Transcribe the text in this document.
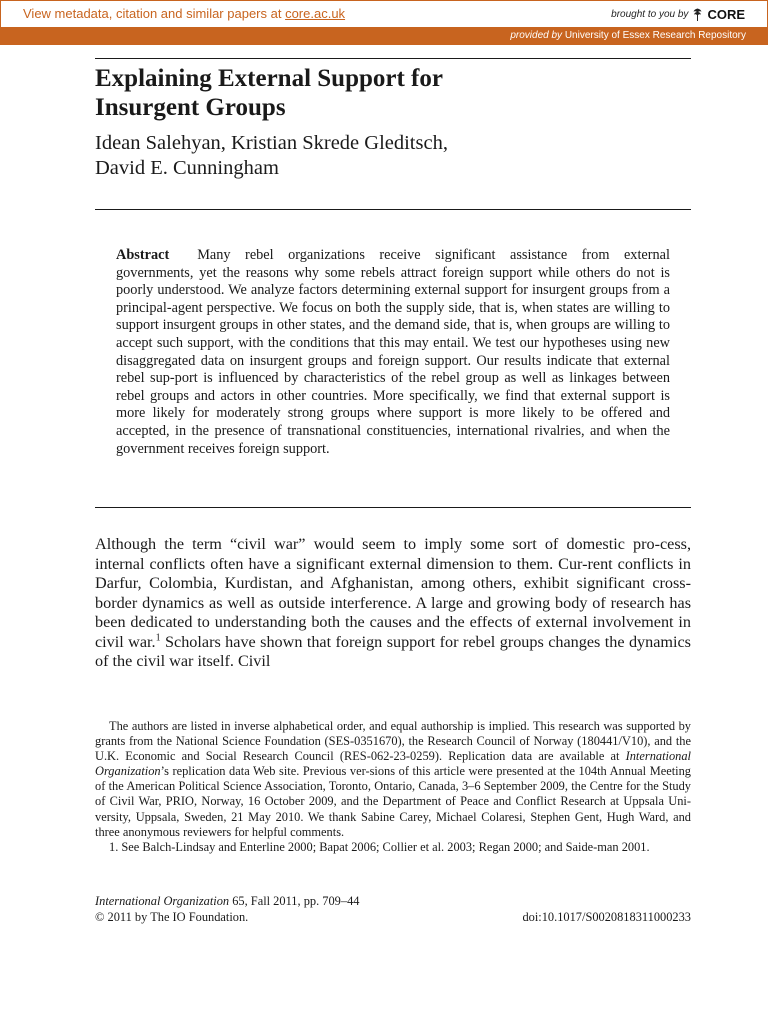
View metadata, citation and similar papers at core.ac.uk	brought to you by CORE
provided by University of Essex Research Repository
Explaining External Support for
Insurgent Groups
Idean Salehyan, Kristian Skrede Gleditsch,
David E. Cunningham
Abstract Many rebel organizations receive significant assistance from external governments, yet the reasons why some rebels attract foreign support while others do not is poorly understood. We analyze factors determining external support for insurgent groups from a principal-agent perspective. We focus on both the supply side, that is, when states are willing to support insurgent groups in other states, and the demand side, that is, when groups are willing to accept such support, with the conditions that this may entail. We test our hypotheses using new disaggregated data on insurgent groups and foreign support. Our results indicate that external rebel sup-port is influenced by characteristics of the rebel group as well as linkages between rebel groups and actors in other countries. More specifically, we find that external support is more likely for moderately strong groups where support is more likely to be offered and accepted, in the presence of transnational constituencies, international rivalries, and when the government receives foreign support.
Although the term “civil war” would seem to imply some sort of domestic pro-cess, internal conflicts often have a significant external dimension to them. Cur-rent conflicts in Darfur, Colombia, Kurdistan, and Afghanistan, among others, exhibit significant cross-border dynamics as well as outside interference. A large and growing body of research has been dedicated to understanding both the causes and the effects of external involvement in civil war.$^1$ Scholars have shown that foreign support for rebel groups changes the dynamics of the civil war itself. Civil

The authors are listed in inverse alphabetical order, and equal authorship is implied. This research was supported by grants from the National Science Foundation (SES-0351670), the Research Council of Norway (180441/V10), and the U.K. Economic and Social Research Council (RES-062-23-0259). Replication data are available at International Organization’s replication data Web site. Previous ver-sions of this article were presented at the 104th Annual Meeting of the American Political Science Association, Toronto, Ontario, Canada, 3–6 September 2009, the Centre for the Study of Civil War, PRIO, Norway, 16 October 2009, and the Department of Peace and Conflict Research at Uppsala Uni-versity, Uppsala, Sweden, 21 May 2010. We thank Sabine Carey, Michael Colaresi, Stephen Gent, Hugh Ward, and three anonymous reviewers for helpful comments.

1. See Balch-Lindsay and Enterline 2000; Bapat 2006; Collier et al. 2003; Regan 2000; and Saide-man 2001.

International Organization 65, Fall 2011, pp. 709–44
© 2011 by The IO Foundation.	doi:10.1017/S0020818311000233
